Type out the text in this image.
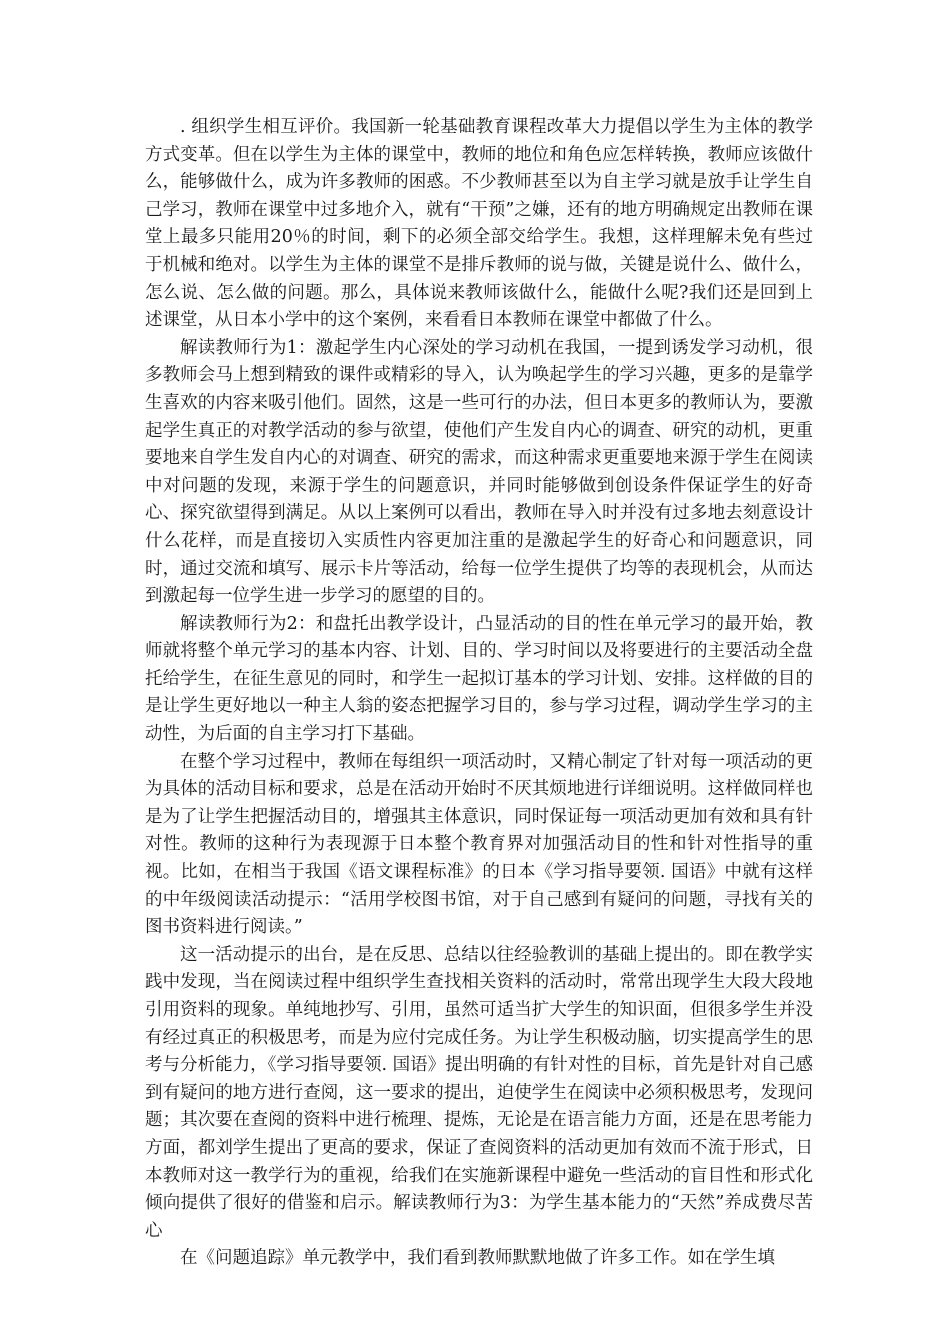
. 组织学生相互评价。我国新一轮基础教育课程改革大力提倡以学生为主体的教学方式变革。但在以学生为主体的课堂中，教师的地位和角色应怎样转换，教师应该做什么，能够做什么，成为许多教师的困惑。不少教师甚至以为自主学习就是放手让学生自己学习，教师在课堂中过多地介入，就有“干预”之嫌，还有的地方明确规定出教师在课堂上最多只能用20％的时间，剩下的必须全部交给学生。我想，这样理解未免有些过于机械和绝对。以学生为主体的课堂不是排斥教师的说与做，关键是说什么、做什么，怎么说、怎么做的问题。那么，具体说来教师该做什么，能做什么呢?我们还是回到上述课堂，从日本小学中的这个案例，来看看日本教师在课堂中都做了什么。

解读教师行为1：激起学生内心深处的学习动机在我国，一提到诱发学习动机，很多教师会马上想到精致的课件或精彩的导入，认为唤起学生的学习兴趣，更多的是靠学生喜欢的内容来吸引他们。固然，这是一些可行的办法，但日本更多的教师认为，要激起学生真正的对教学活动的参与欲望，使他们产生发自内心的调查、研究的动机，更重要地来自学生发自内心的对调查、研究的需求，而这种需求更重要地来源于学生在阅读中对问题的发现，来源于学生的问题意识，并同时能够做到创设条件保证学生的好奇心、探究欲望得到满足。从以上案例可以看出，教师在导入时并没有过多地去刻意设计什么花样，而是直接切入实质性内容更加注重的是激起学生的好奇心和问题意识，同时，通过交流和填写、展示卡片等活动，给每一位学生提供了均等的表现机会，从而达到激起每一位学生进一步学习的愿望的目的。

解读教师行为2：和盘托出教学设计，凸显活动的目的性在单元学习的最开始，教师就将整个单元学习的基本内容、计划、目的、学习时间以及将要进行的主要活动全盘托给学生，在征生意见的同时，和学生一起拟订基本的学习计划、安排。这样做的目的是让学生更好地以一种主人翁的姿态把握学习目的，参与学习过程，调动学生学习的主动性，为后面的自主学习打下基础。

在整个学习过程中，教师在每组织一项活动时，又精心制定了针对每一项活动的更为具体的活动目标和要求，总是在活动开始时不厌其烦地进行详细说明。这样做同样也是为了让学生把握活动目的，增强其主体意识，同时保证每一项活动更加有效和具有针对性。教师的这种行为表现源于日本整个教育界对加强活动目的性和针对性指导的重视。比如，在相当于我国《语文课程标准》的日本《学习指导要领. 国语》中就有这样的中年级阅读活动提示：“活用学校图书馆，对于自己感到有疑问的问题，寻找有关的图书资料进行阅读。”

这一活动提示的出台，是在反思、总结以往经验教训的基础上提出的。即在教学实践中发现，当在阅读过程中组织学生查找相关资料的活动时，常常出现学生大段大段地引用资料的现象。单纯地抄写、引用，虽然可适当扩大学生的知识面，但很多学生并没有经过真正的积极思考，而是为应付完成任务。为让学生积极动脑，切实提高学生的思考与分析能力，《学习指导要领. 国语》提出明确的有针对性的目标，首先是针对自己感到有疑问的地方进行查阅，这一要求的提出，迫使学生在阅读中必须积极思考，发现问题；其次要在查阅的资料中进行梳理、提炼，无论是在语言能力方面，还是在思考能力方面，都刘学生提出了更高的要求，保证了查阅资料的活动更加有效而不流于形式，日本教师对这一教学行为的重视，给我们在实施新课程中避免一些活动的盲目性和形式化倾向提供了很好的借鉴和启示。解读教师行为3：为学生基本能力的“天然”养成费尽苦心

在《问题追踪》单元教学中，我们看到教师默默地做了许多工作。如在学生填
